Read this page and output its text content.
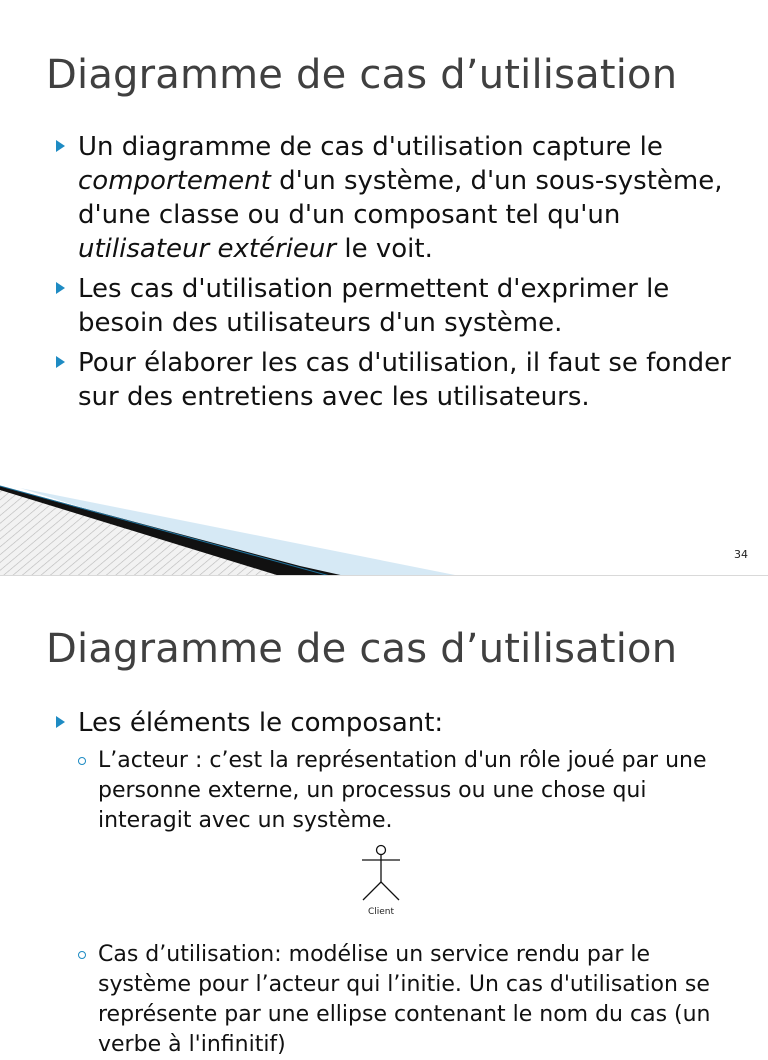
Diagramme de cas d’utilisation
Un diagramme de cas d'utilisation capture le comportement d'un système, d'un sous-système, d'une classe ou d'un composant tel qu'un utilisateur extérieur le voit.
Les cas d'utilisation permettent d'exprimer le besoin des utilisateurs d'un système.
Pour élaborer les cas d'utilisation, il faut se fonder sur des entretiens avec les utilisateurs.
34
Diagramme de cas d’utilisation
Les éléments le composant:
L’acteur : c’est la représentation d'un rôle joué par une personne externe, un processus ou une chose qui interagit avec un système.
Cas d’utilisation: modélise un service rendu par le système pour l’acteur qui l’initie. Un cas d'utilisation se représente par une ellipse contenant le nom du cas (un verbe à l'infinitif)
Client
